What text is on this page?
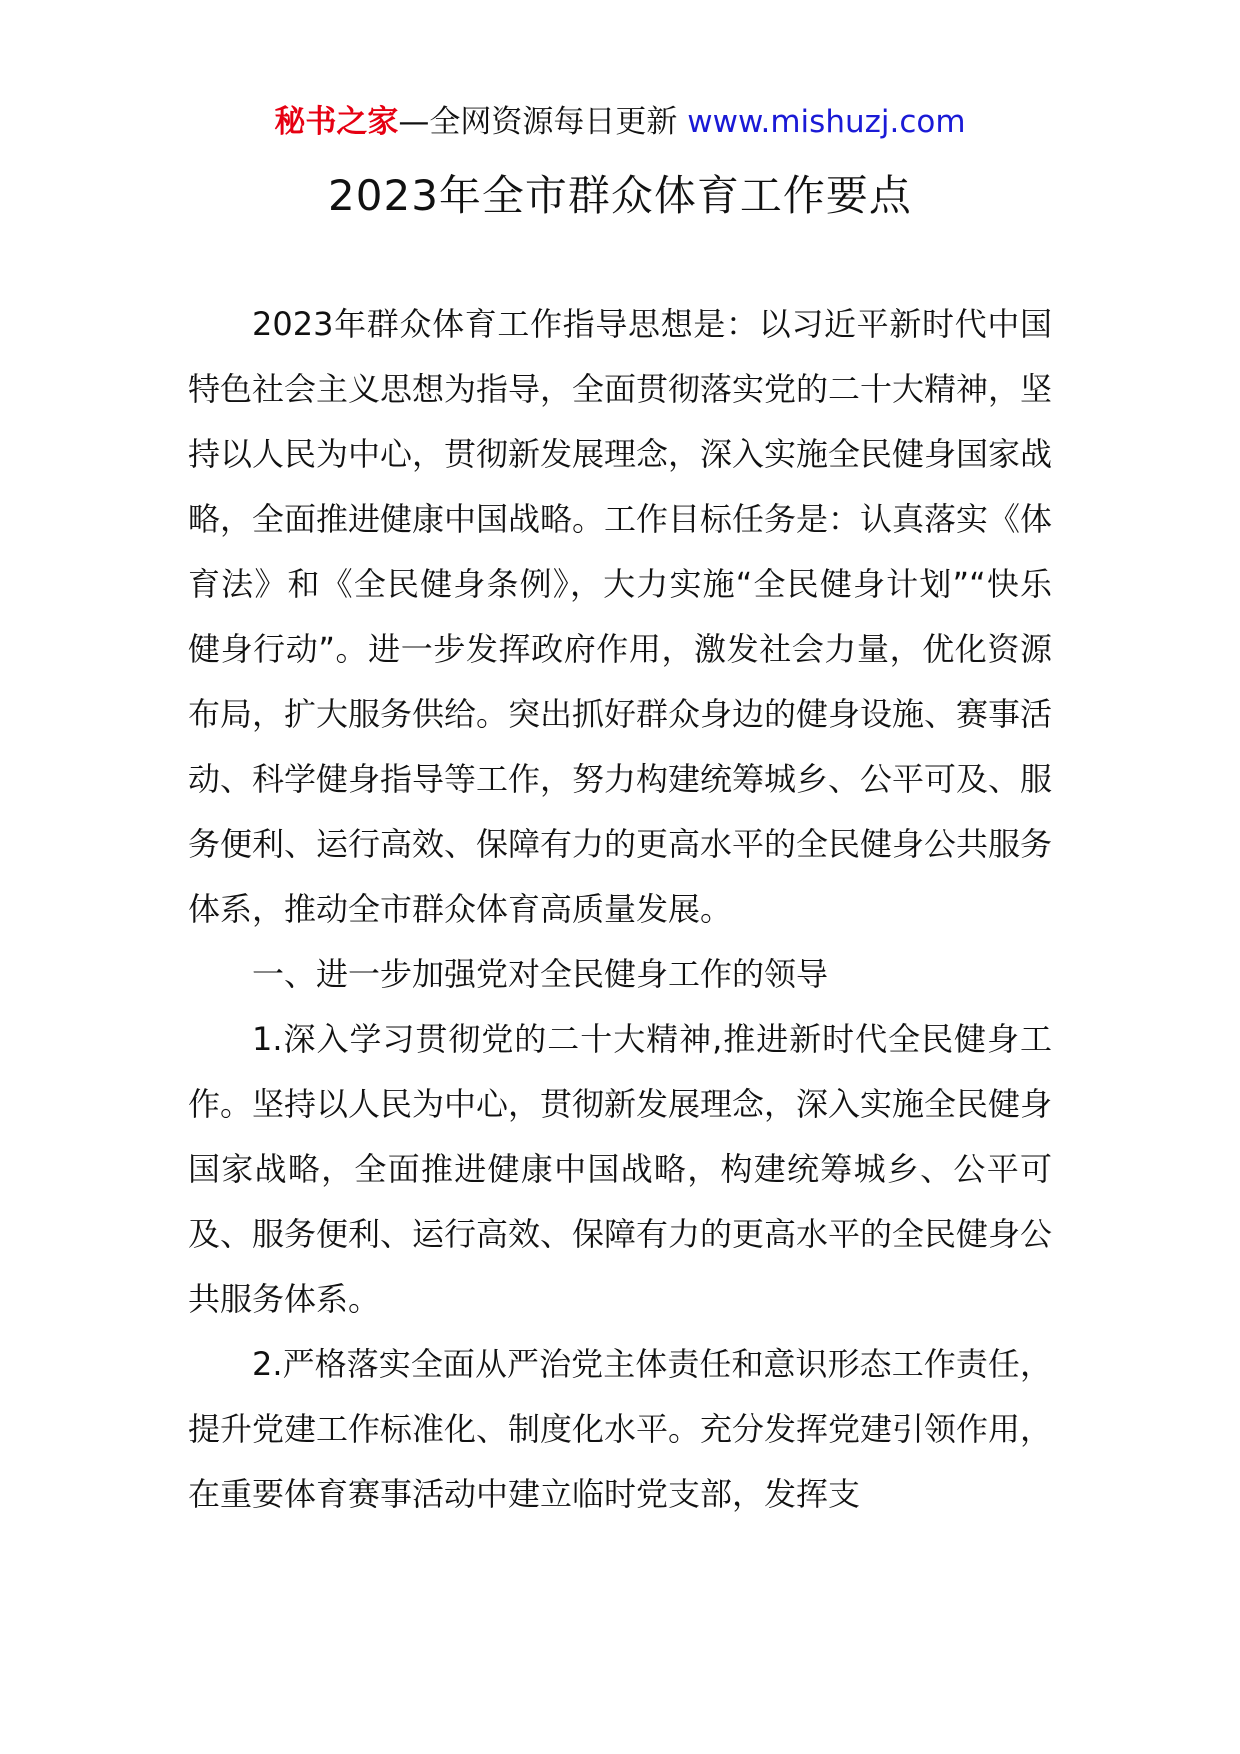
秘书之家—全网资源每日更新 www.mishuzj.com
2023年全市群众体育工作要点

2023年群众体育工作指导思想是：以习近平新时代中国特色社会主义思想为指导，全面贯彻落实党的二十大精神，坚持以人民为中心，贯彻新发展理念，深入实施全民健身国家战略，全面推进健康中国战略。工作目标任务是：认真落实《体育法》和《全民健身条例》，大力实施“全民健身计划”“快乐健身行动”。进一步发挥政府作用，激发社会力量，优化资源布局，扩大服务供给。突出抓好群众身边的健身设施、赛事活动、科学健身指导等工作，努力构建统筹城乡、公平可及、服务便利、运行高效、保障有力的更高水平的全民健身公共服务体系，推动全市群众体育高质量发展。

一、进一步加强党对全民健身工作的领导

1.深入学习贯彻党的二十大精神,推进新时代全民健身工作。坚持以人民为中心，贯彻新发展理念，深入实施全民健身国家战略，全面推进健康中国战略，构建统筹城乡、公平可及、服务便利、运行高效、保障有力的更高水平的全民健身公共服务体系。

2.严格落实全面从严治党主体责任和意识形态工作责任，提升党建工作标准化、制度化水平。充分发挥党建引领作用，在重要体育赛事活动中建立临时党支部，发挥支
